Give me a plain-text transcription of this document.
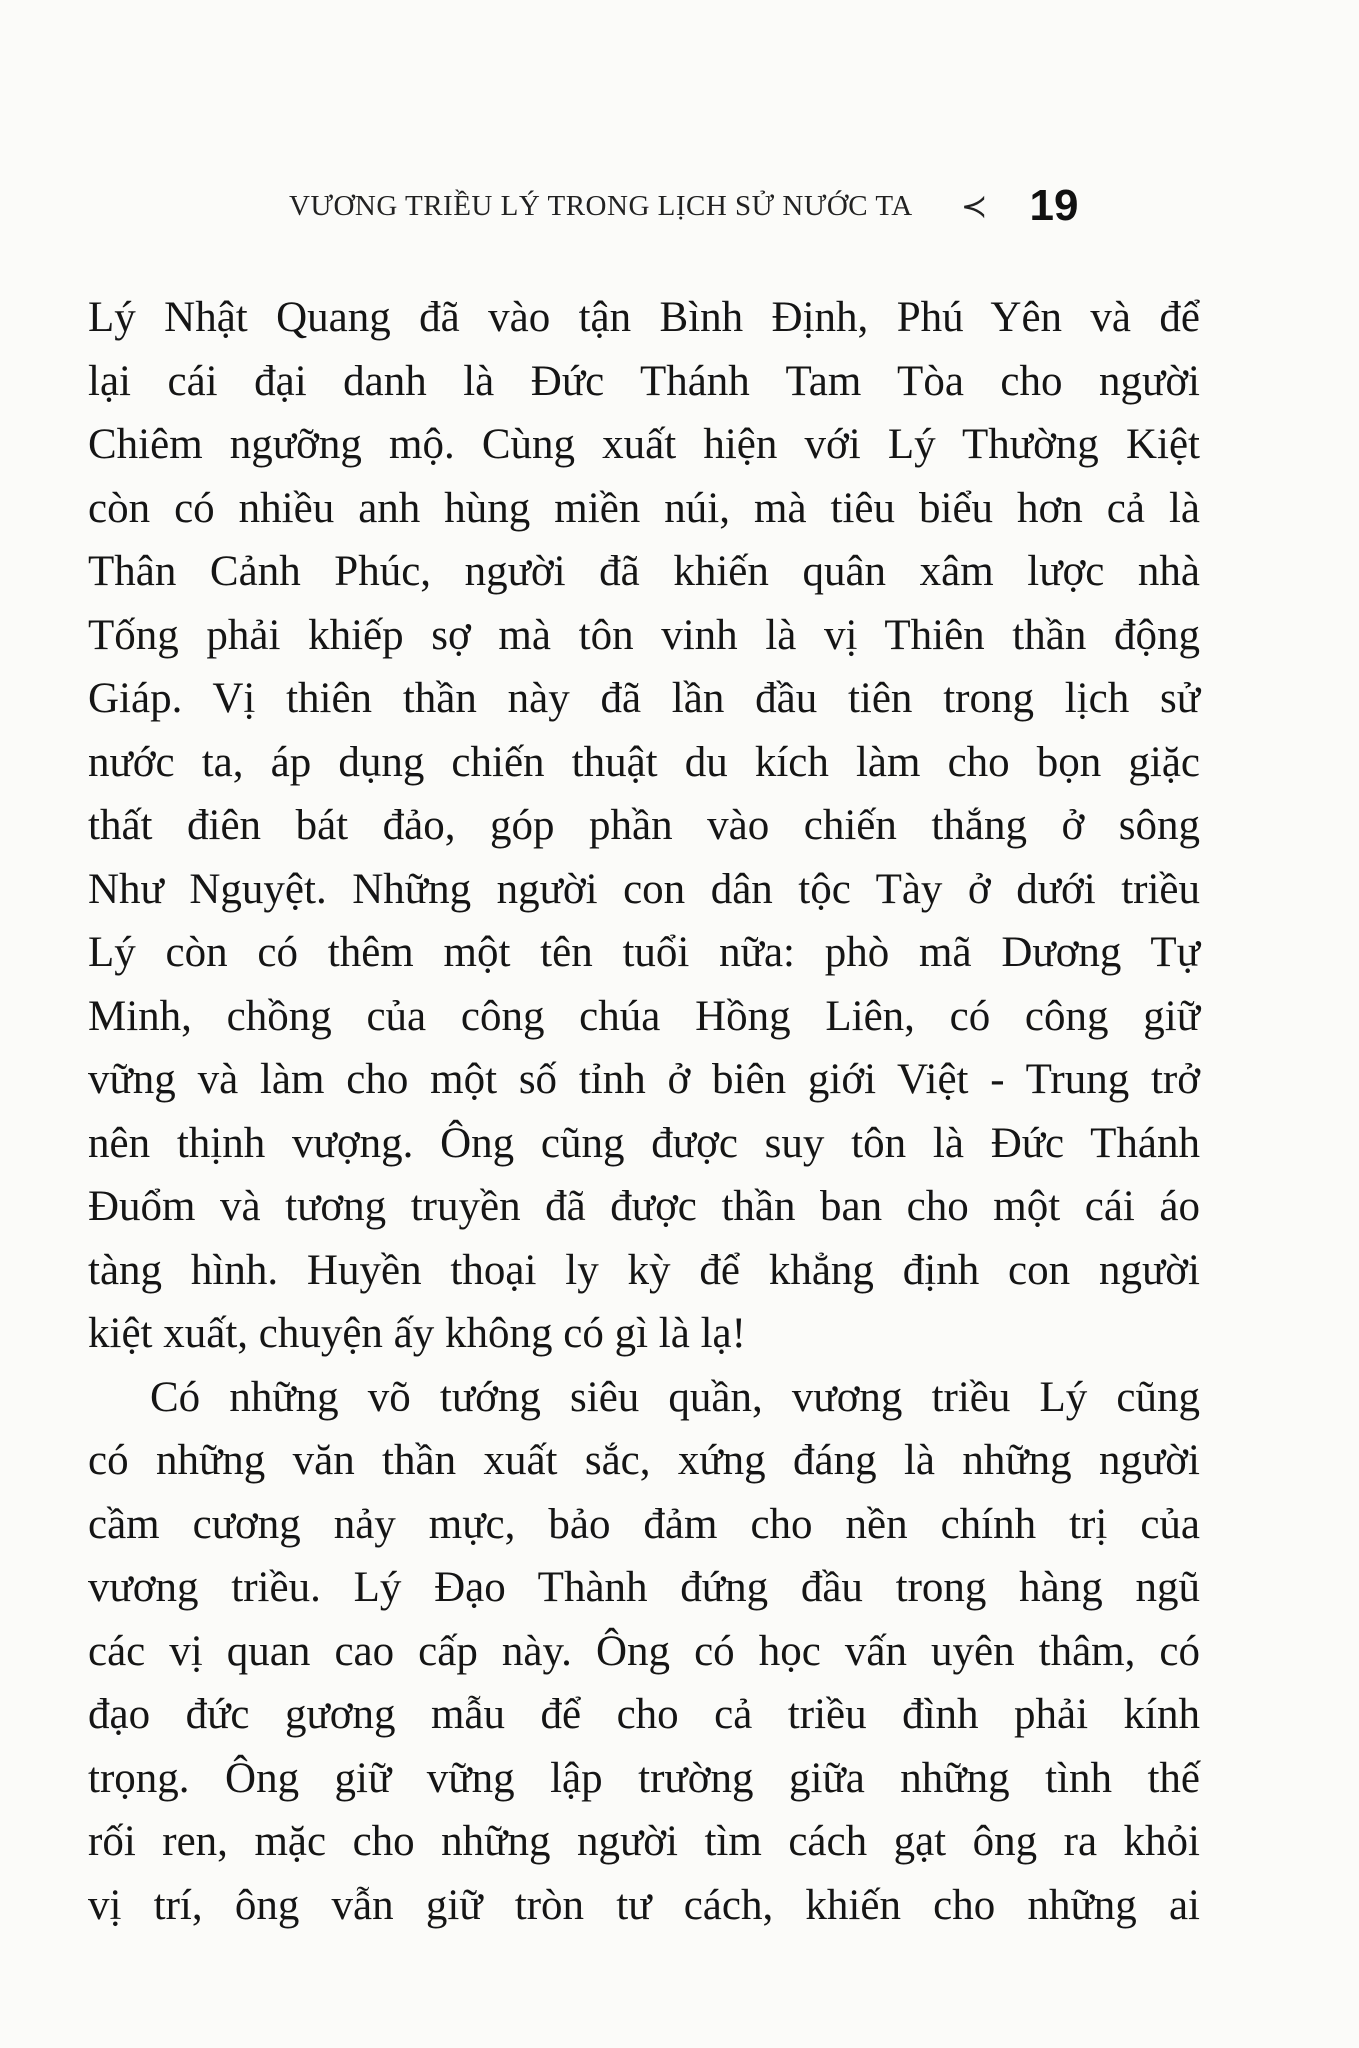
VƯƠNG TRIỀU LÝ TRONG LỊCH SỬ NƯỚC TA ≺ 19
Lý Nhật Quang đã vào tận Bình Định, Phú Yên và để
lại cái đại danh là Đức Thánh Tam Tòa cho người
Chiêm ngưỡng mộ. Cùng xuất hiện với Lý Thường Kiệt
còn có nhiều anh hùng miền núi, mà tiêu biểu hơn cả là
Thân Cảnh Phúc, người đã khiến quân xâm lược nhà
Tống phải khiếp sợ mà tôn vinh là vị Thiên thần động
Giáp. Vị thiên thần này đã lần đầu tiên trong lịch sử
nước ta, áp dụng chiến thuật du kích làm cho bọn giặc
thất điên bát đảo, góp phần vào chiến thắng ở sông
Như Nguyệt. Những người con dân tộc Tày ở dưới triều
Lý còn có thêm một tên tuổi nữa: phò mã Dương Tự
Minh, chồng của công chúa Hồng Liên, có công giữ
vững và làm cho một số tỉnh ở biên giới Việt - Trung trở
nên thịnh vượng. Ông cũng được suy tôn là Đức Thánh
Đuổm và tương truyền đã được thần ban cho một cái áo
tàng hình. Huyền thoại ly kỳ để khẳng định con người
kiệt xuất, chuyện ấy không có gì là lạ!
Có những võ tướng siêu quần, vương triều Lý cũng
có những văn thần xuất sắc, xứng đáng là những người
cầm cương nảy mực, bảo đảm cho nền chính trị của
vương triều. Lý Đạo Thành đứng đầu trong hàng ngũ
các vị quan cao cấp này. Ông có học vấn uyên thâm, có
đạo đức gương mẫu để cho cả triều đình phải kính
trọng. Ông giữ vững lập trường giữa những tình thế
rối ren, mặc cho những người tìm cách gạt ông ra khỏi
vị trí, ông vẫn giữ tròn tư cách, khiến cho những ai
